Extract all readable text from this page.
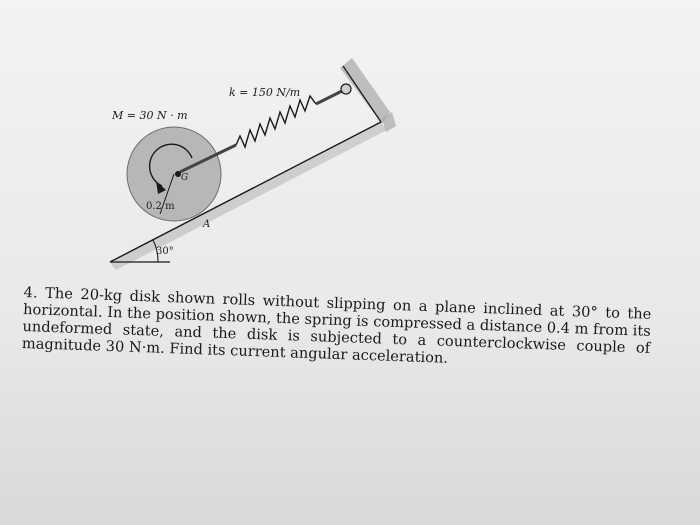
k = 150 N/m
M = 30 N · m
0.2 m
G
A
30°

4. The 20-kg disk shown rolls without slipping on a plane inclined at 30° to the horizontal. In the position shown, the spring is compressed a distance 0.4 m from its undeformed state, and the disk is subjected to a counterclockwise couple of magnitude 30 N·m. Find its current angular acceleration.
